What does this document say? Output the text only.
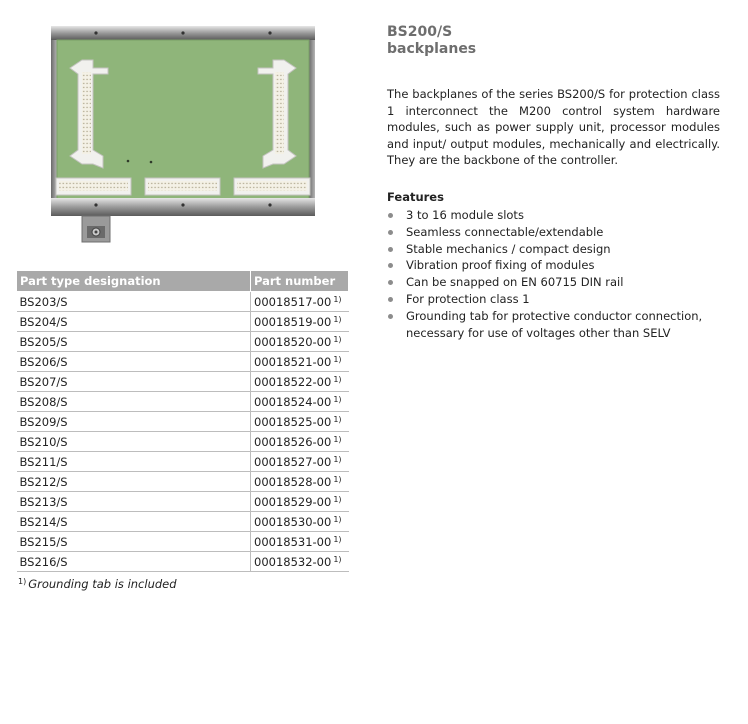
Part type designation	Part number
BS203/S	00018517-00 $^{1)}$
BS204/S	00018519-00 $^{1)}$
BS205/S	00018520-00 $^{1)}$
BS206/S	00018521-00 $^{1)}$
BS207/S	00018522-00 $^{1)}$
BS208/S	00018524-00 $^{1)}$
BS209/S	00018525-00 $^{1)}$
BS210/S	00018526-00 $^{1)}$
BS211/S	00018527-00 $^{1)}$
BS212/S	00018528-00 $^{1)}$
BS213/S	00018529-00 $^{1)}$
BS214/S	00018530-00 $^{1)}$
BS215/S	00018531-00 $^{1)}$
BS216/S	00018532-00 $^{1)}$
$^{1)}$ Grounding tab is included
BS200/S
backplanes

The backplanes of the series BS200/S for protection class 1 interconnect the M200 control system hardware modules, such as power supply unit, processor modules and input/ output modules, mechanically and electrically. They are the backbone of the controller.

Features
3 to 16 module slots
Seamless connectable/extendable
Stable mechanics / compact design
Vibration proof fixing of modules
Can be snapped on EN 60715 DIN rail
For protection class 1
Grounding tab for protective conductor connection, necessary for use of voltages other than SELV
